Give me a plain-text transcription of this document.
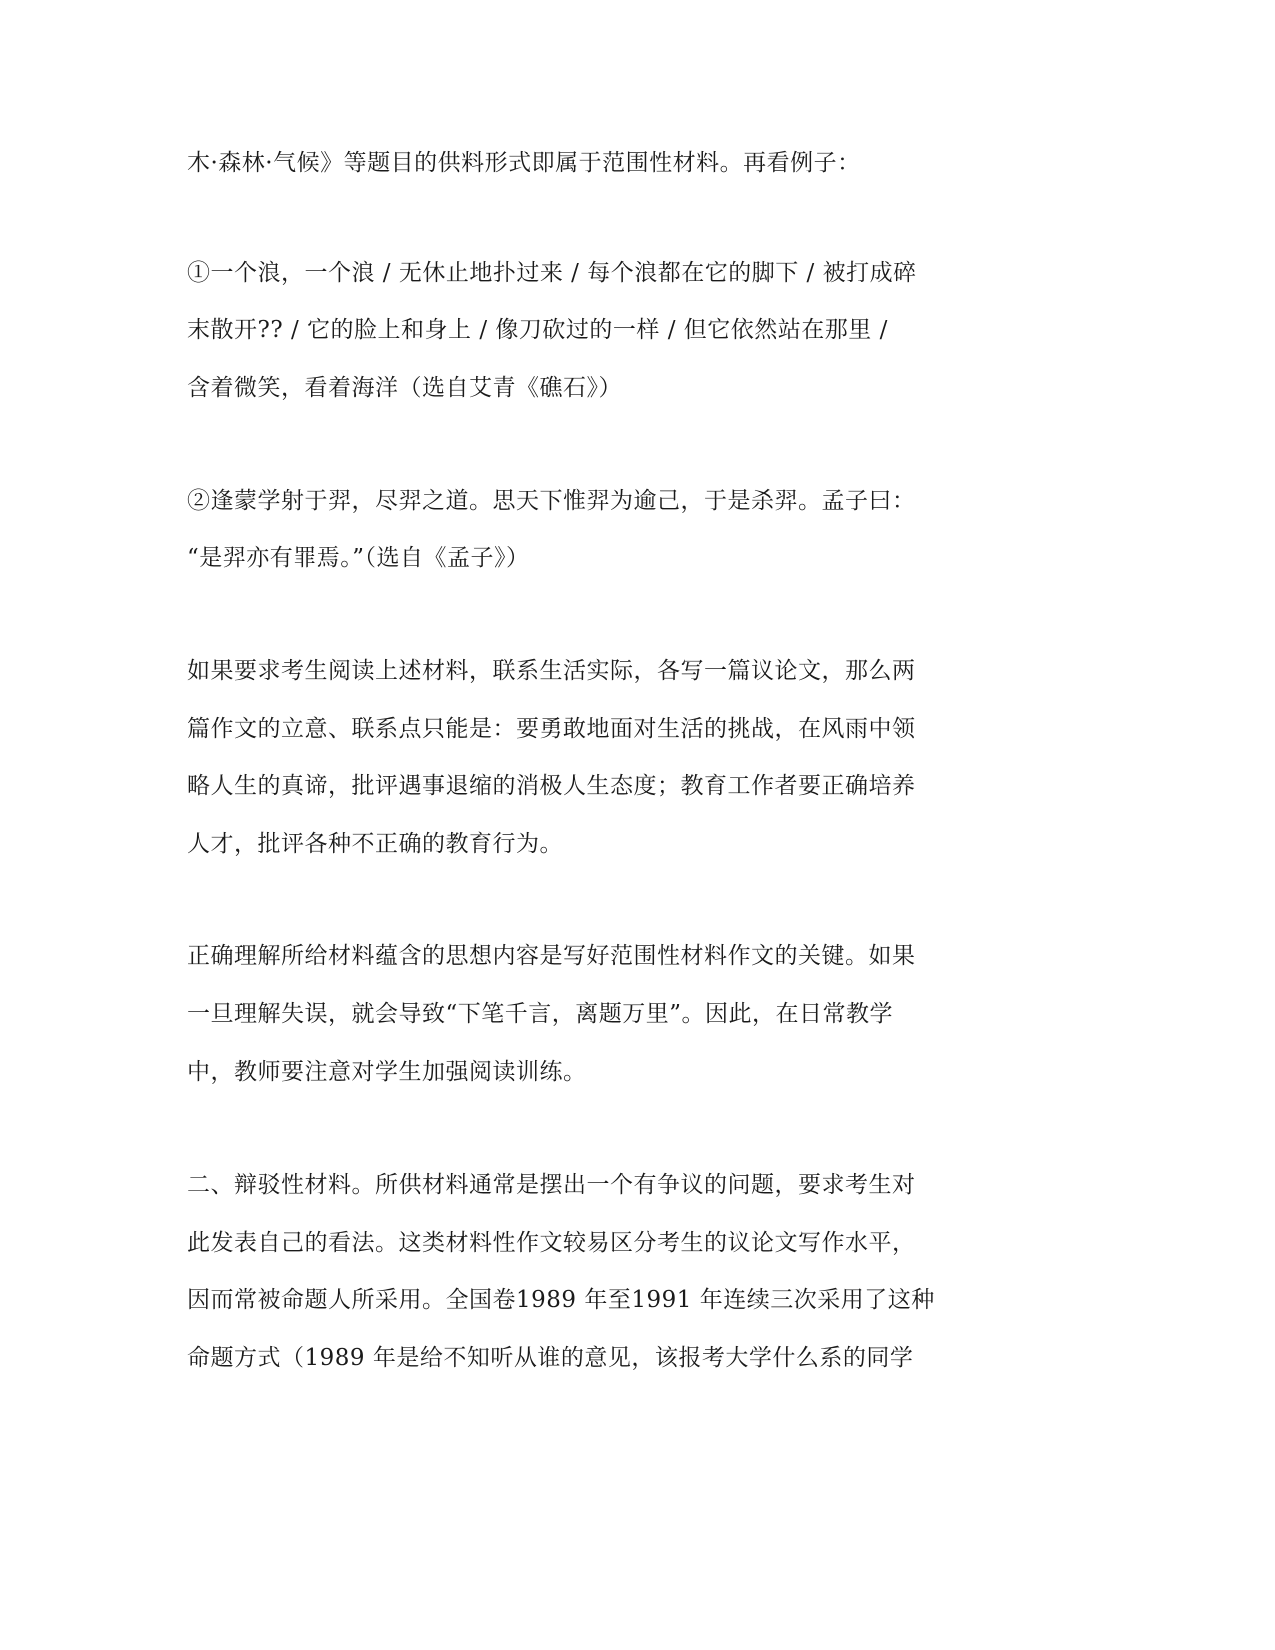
木·森林·气候》等题目的供料形式即属于范围性材料。再看例子：
①一个浪，一个浪 / 无休止地扑过来 / 每个浪都在它的脚下 / 被打成碎
末散开?? / 它的脸上和身上 / 像刀砍过的一样 / 但它依然站在那里 /
含着微笑，看着海洋（选自艾青《礁石》）
②逢蒙学射于羿，尽羿之道。思天下惟羿为逾己，于是杀羿。孟子曰：
“是羿亦有罪焉。”（选自《孟子》）
如果要求考生阅读上述材料，联系生活实际，各写一篇议论文，那么两
篇作文的立意、联系点只能是：要勇敢地面对生活的挑战，在风雨中领
略人生的真谛，批评遇事退缩的消极人生态度；教育工作者要正确培养
人才，批评各种不正确的教育行为。
正确理解所给材料蕴含的思想内容是写好范围性材料作文的关键。如果
一旦理解失误，就会导致“下笔千言，离题万里”。因此，在日常教学
中，教师要注意对学生加强阅读训练。
二、辩驳性材料。所供材料通常是摆出一个有争议的问题，要求考生对
此发表自己的看法。这类材料性作文较易区分考生的议论文写作水平，
因而常被命题人所采用。全国卷1989 年至1991 年连续三次采用了这种
命题方式（1989 年是给不知听从谁的意见，该报考大学什么系的同学
